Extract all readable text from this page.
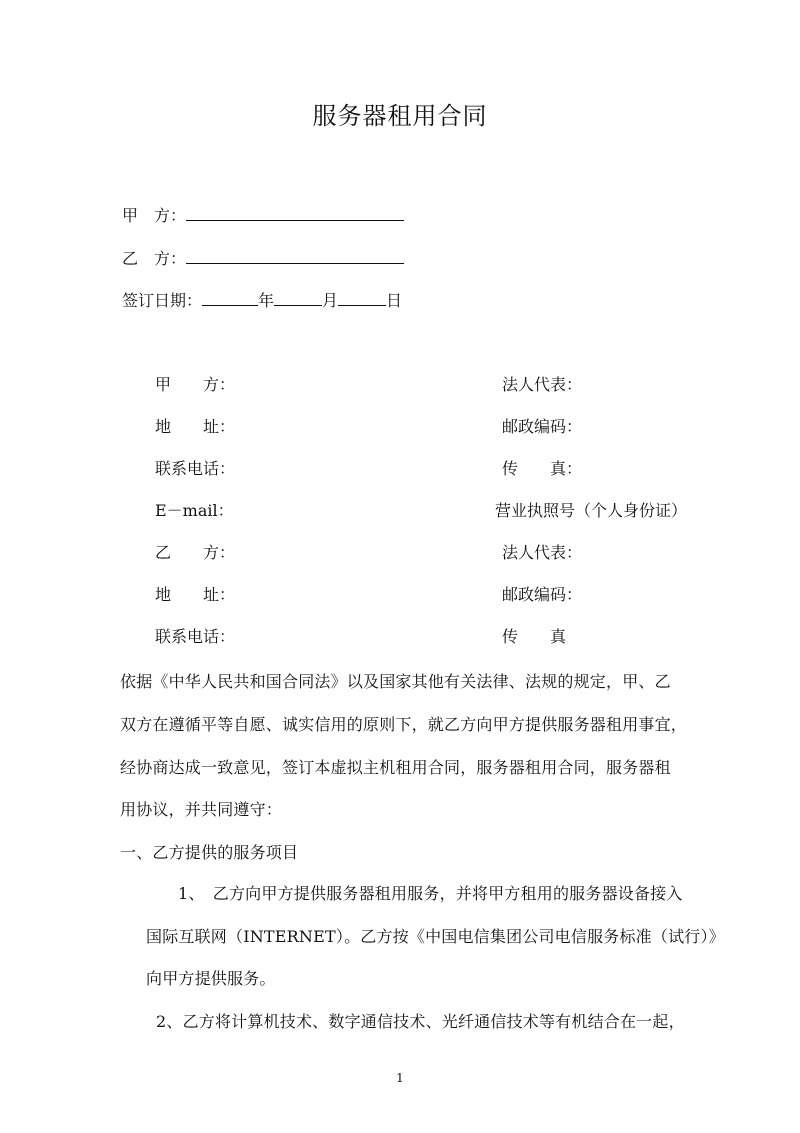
服务器租用合同
甲　方：
乙　方：
签订日期：	年	月	日
甲　　方：	法人代表：
地　　址：	邮政编码：
联系电话：	传　　真：
E－mail：	营业执照号（个人身份证）
乙　　方：	法人代表：
地　　址：	邮政编码：
联系电话：	传　　真
依据《中华人民共和国合同法》以及国家其他有关法律、法规的规定，甲、乙
双方在遵循平等自愿、诚实信用的原则下，就乙方向甲方提供服务器租用事宜，
经协商达成一致意见，签订本虚拟主机租用合同，服务器租用合同，服务器租
用协议，并共同遵守：
一、乙方提供的服务项目
1、　乙方向甲方提供服务器租用服务，并将甲方租用的服务器设备接入
国际互联网（INTERNET）。乙方按《中国电信集团公司电信服务标准（试行）》
向甲方提供服务。
2、乙方将计算机技术、数字通信技术、光纤通信技术等有机结合在一起，
1
